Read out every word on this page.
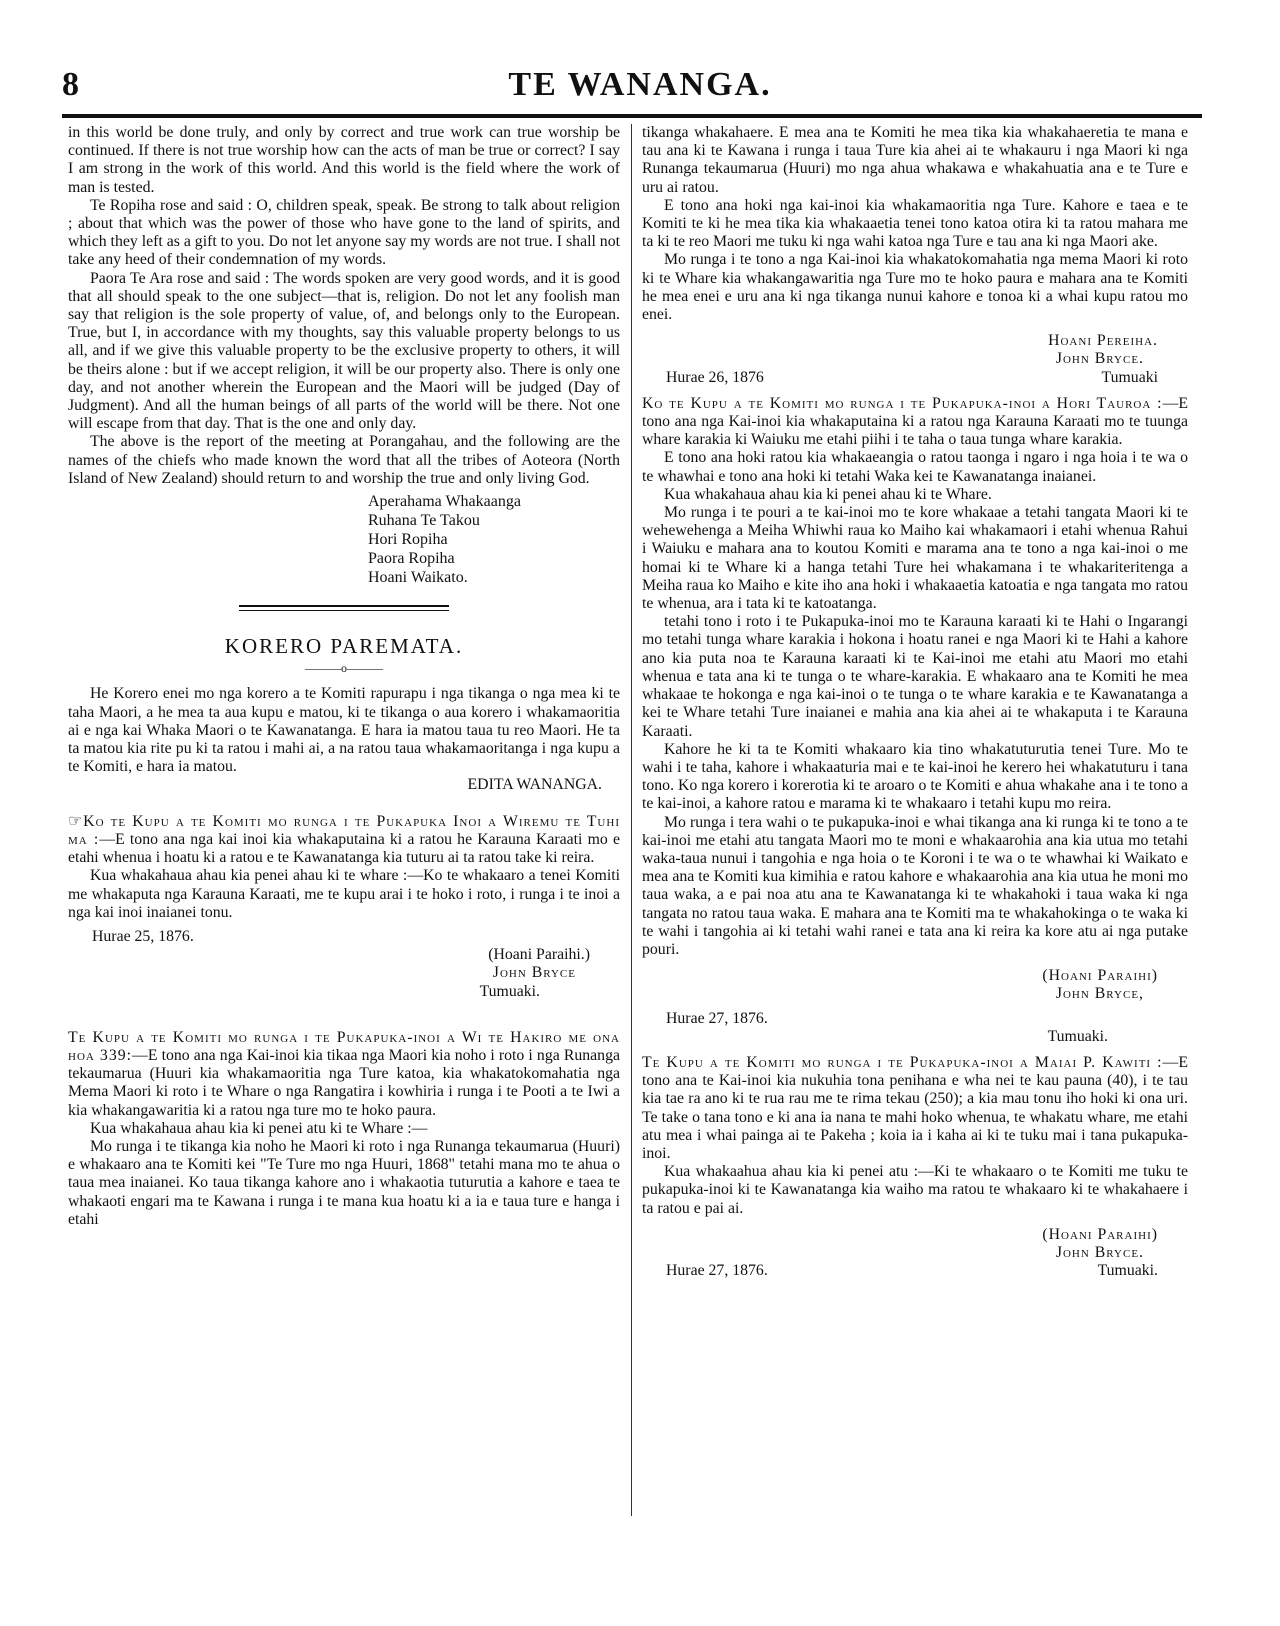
8	TE WANANGA.

in this world be done truly, and only by correct and true work can true worship be continued. If there is not true worship how can the acts of man be true or correct? I say I am strong in the work of this world. And this world is the field where the work of man is tested.

Te Ropiha rose and said : O, children speak, speak. Be strong to talk about religion ; about that which was the power of those who have gone to the land of spirits, and which they left as a gift to you. Do not let anyone say my words are not true. I shall not take any heed of their condemnation of my words.

Paora Te Ara rose and said : The words spoken are very good words, and it is good that all should speak to the one subject—that is, religion. Do not let any foolish man say that religion is the sole property of value, of, and belongs only to the European. True, but I, in accordance with my thoughts, say this valuable property belongs to us all, and if we give this valuable property to be the exclusive property to others, it will be theirs alone : but if we accept religion, it will be our property also. There is only one day, and not another wherein the European and the Maori will be judged (Day of Judgment). And all the human beings of all parts of the world will be there. Not one will escape from that day. That is the one and only day.

The above is the report of the meeting at Porangahau, and the following are the names of the chiefs who made known the word that all the tribes of Aoteora (North Island of New Zealand) should return to and worship the true and only living God.

Aperahama Whakaanga
Ruhana Te Takou
Hori Ropiha
Paora Ropiha
Hoani Waikato.
KORERO PAREMATA.
———o———

He Korero enei mo nga korero a te Komiti rapurapu i nga tikanga o nga mea ki te taha Maori, a he mea ta aua kupu e matou, ki te tikanga o aua korero i whakamaoritia ai e nga kai Whaka Maori o te Kawanatanga. E hara ia matou taua tu reo Maori. He ta ta matou kia rite pu ki ta ratou i mahi ai, a na ratou taua whakamaoritanga i nga kupu a te Komiti, e hara ia matou.

EDITA WANANGA.

☞Ko te Kupu a te Komiti mo runga i te Pukapuka Inoi a Wiremu te Tuhi ma :—E tono ana nga kai inoi kia whakaputaina ki a ratou he Karauna Karaati mo e etahi whenua i hoatu ki a ratou e te Kawanatanga kia tuturu ai ta ratou take ki reira.

Kua whakahaua ahau kia penei ahau ki te whare :—Ko te whakaaro a tenei Komiti me whakaputa nga Karauna Karaati, me te kupu arai i te hoko i roto, i runga i te inoi a nga kai inoi inaianei tonu.

Hurae 25, 1876.

(Hoani Paraihi.)

John Bryce

Tumuaki.

Te Kupu a te Komiti mo runga i te Pukapuka-inoi a Wi te Hakiro me ona hoa 339:—E tono ana nga Kai-inoi kia tikaa nga Maori kia noho i roto i nga Runanga tekaumarua (Huuri kia whakamaoritia nga Ture katoa, kia whakatokomahatia nga Mema Maori ki roto i te Whare o nga Rangatira i kowhiria i runga i te Pooti a te Iwi a kia whakangawaritia ki a ratou nga ture mo te hoko paura.

Kua whakahaua ahau kia ki penei atu ki te Whare :—

Mo runga i te tikanga kia noho he Maori ki roto i nga Runanga tekaumarua (Huuri) e whakaaro ana te Komiti kei "Te Ture mo nga Huuri, 1868" tetahi mana mo te ahua o taua mea inaianei. Ko taua tikanga kahore ano i whakaotia tuturutia a kahore e taea te whakaoti engari ma te Kawana i runga i te mana kua hoatu ki a ia e taua ture e hanga i etahi

tikanga whakahaere. E mea ana te Komiti he mea tika kia whakahaeretia te mana e tau ana ki te Kawana i runga i taua Ture kia ahei ai te whakauru i nga Maori ki nga Runanga tekaumarua (Huuri) mo nga ahua whakawa e whakahuatia ana e te Ture e uru ai ratou.

E tono ana hoki nga kai-inoi kia whakamaoritia nga Ture. Kahore e taea e te Komiti te ki he mea tika kia whakaaetia tenei tono katoa otira ki ta ratou mahara me ta ki te reo Maori me tuku ki nga wahi katoa nga Ture e tau ana ki nga Maori ake.

Mo runga i te tono a nga Kai-inoi kia whakatokomahatia nga mema Maori ki roto ki te Whare kia whakangawaritia nga Ture mo te hoko paura e mahara ana te Komiti he mea enei e uru ana ki nga tikanga nunui kahore e tonoa ki a whai kupu ratou mo enei.

Hoani Pereiha.

John Bryce.

Hurae 26, 1876	Tumuaki

Ko te Kupu a te Komiti mo runga i te Pukapuka-inoi a Hori Tauroa :—E tono ana nga Kai-inoi kia whakaputaina ki a ratou nga Karauna Karaati mo te tuunga whare karakia ki Waiuku me etahi piihi i te taha o taua tunga whare karakia.

E tono ana hoki ratou kia whakaeangia o ratou taonga i ngaro i nga hoia i te wa o te whawhai e tono ana hoki ki tetahi Waka kei te Kawanatanga inaianei.

Kua whakahaua ahau kia ki penei ahau ki te Whare.

Mo runga i te pouri a te kai-inoi mo te kore whakaae a tetahi tangata Maori ki te wehewehenga a Meiha Whiwhi raua ko Maiho kai whakamaori i etahi whenua Rahui i Waiuku e mahara ana to koutou Komiti e marama ana te tono a nga kai-inoi o me homai ki te Whare ki a hanga tetahi Ture hei whakamana i te whakariteritenga a Meiha raua ko Maiho e kite iho ana hoki i whakaaetia katoatia e nga tangata mo ratou te whenua, ara i tata ki te katoatanga.

tetahi tono i roto i te Pukapuka-inoi mo te Karauna karaati ki te Hahi o Ingarangi mo tetahi tunga whare karakia i hokona i hoatu ranei e nga Maori ki te Hahi a kahore ano kia puta noa te Karauna karaati ki te Kai-inoi me etahi atu Maori mo etahi whenua e tata ana ki te tunga o te whare-karakia. E whakaaro ana te Komiti he mea whakaae te hokonga e nga kai-inoi o te tunga o te whare karakia e te Kawanatanga a kei te Whare tetahi Ture inaianei e mahia ana kia ahei ai te whakaputa i te Karauna Karaati.

Kahore he ki ta te Komiti whakaaro kia tino whakatuturutia tenei Ture. Mo te wahi i te taha, kahore i whakaaturia mai e te kai-inoi he kerero hei whakatuturu i tana tono. Ko nga korero i korerotia ki te aroaro o te Komiti e ahua whakahe ana i te tono a te kai-inoi, a kahore ratou e marama ki te whakaaro i tetahi kupu mo reira.

Mo runga i tera wahi o te pukapuka-inoi e whai tikanga ana ki runga ki te tono a te kai-inoi me etahi atu tangata Maori mo te moni e whakaarohia ana kia utua mo tetahi waka-taua nunui i tangohia e nga hoia o te Koroni i te wa o te whawhai ki Waikato e mea ana te Komiti kua kimihia e ratou kahore e whakaarohia ana kia utua he moni mo taua waka, a e pai noa atu ana te Kawanatanga ki te whakahoki i taua waka ki nga tangata no ratou taua waka. E mahara ana te Komiti ma te whakahokinga o te waka ki te wahi i tangohia ai ki tetahi wahi ranei e tata ana ki reira ka kore atu ai nga putake pouri.

(Hoani Paraihi)

John Bryce,

Hurae 27, 1876.

Tumuaki.

Te Kupu a te Komiti mo runga i te Pukapuka-inoi a Maiai P. Kawiti :—E tono ana te Kai-inoi kia nukuhia tona penihana e wha nei te kau pauna (40), i te tau kia tae ra ano ki te rua rau me te rima tekau (250); a kia mau tonu iho hoki ki ona uri. Te take o tana tono e ki ana ia nana te mahi hoko whenua, te whakatu whare, me etahi atu mea i whai painga ai te Pakeha ; koia ia i kaha ai ki te tuku mai i tana pukapuka-inoi.

Kua whakaahua ahau kia ki penei atu :—Ki te whakaaro o te Komiti me tuku te pukapuka-inoi ki te Kawanatanga kia waiho ma ratou te whakaaro ki te whakahaere i ta ratou e pai ai.

(Hoani Paraihi)

John Bryce.

Hurae 27, 1876.	Tumuaki.
